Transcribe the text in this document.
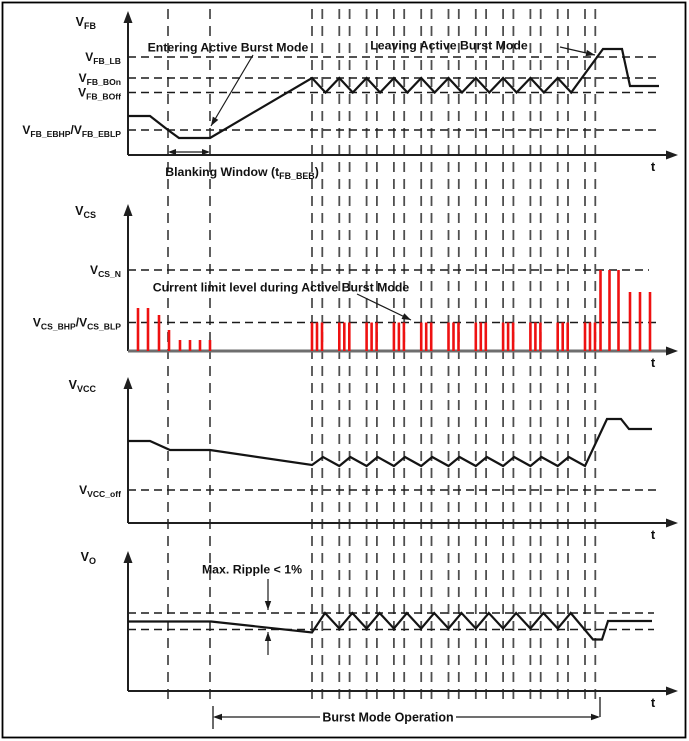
$V_{FB\_LB}$
$V_{FB\_BOn}$
$V_{FB\_BOff}$
$V_{FB\_EBHP}/V_{FB\_EBLP}$
$V_{FB}$
t
$V_{CS\_N}$
$V_{CS\_BHP}/V_{CS\_BLP}$
$V_{CS}$
t
$V_{VCC\_off}$
$V_{VCC}$
t
$V_O$
t
Entering Active Burst Mode	Leaving Active Burst Mode
Blanking Window $(t_{FB\_BEB})$
Current limit level during Active Burst Mode
Max. Ripple < 1%
Burst Mode Operation
